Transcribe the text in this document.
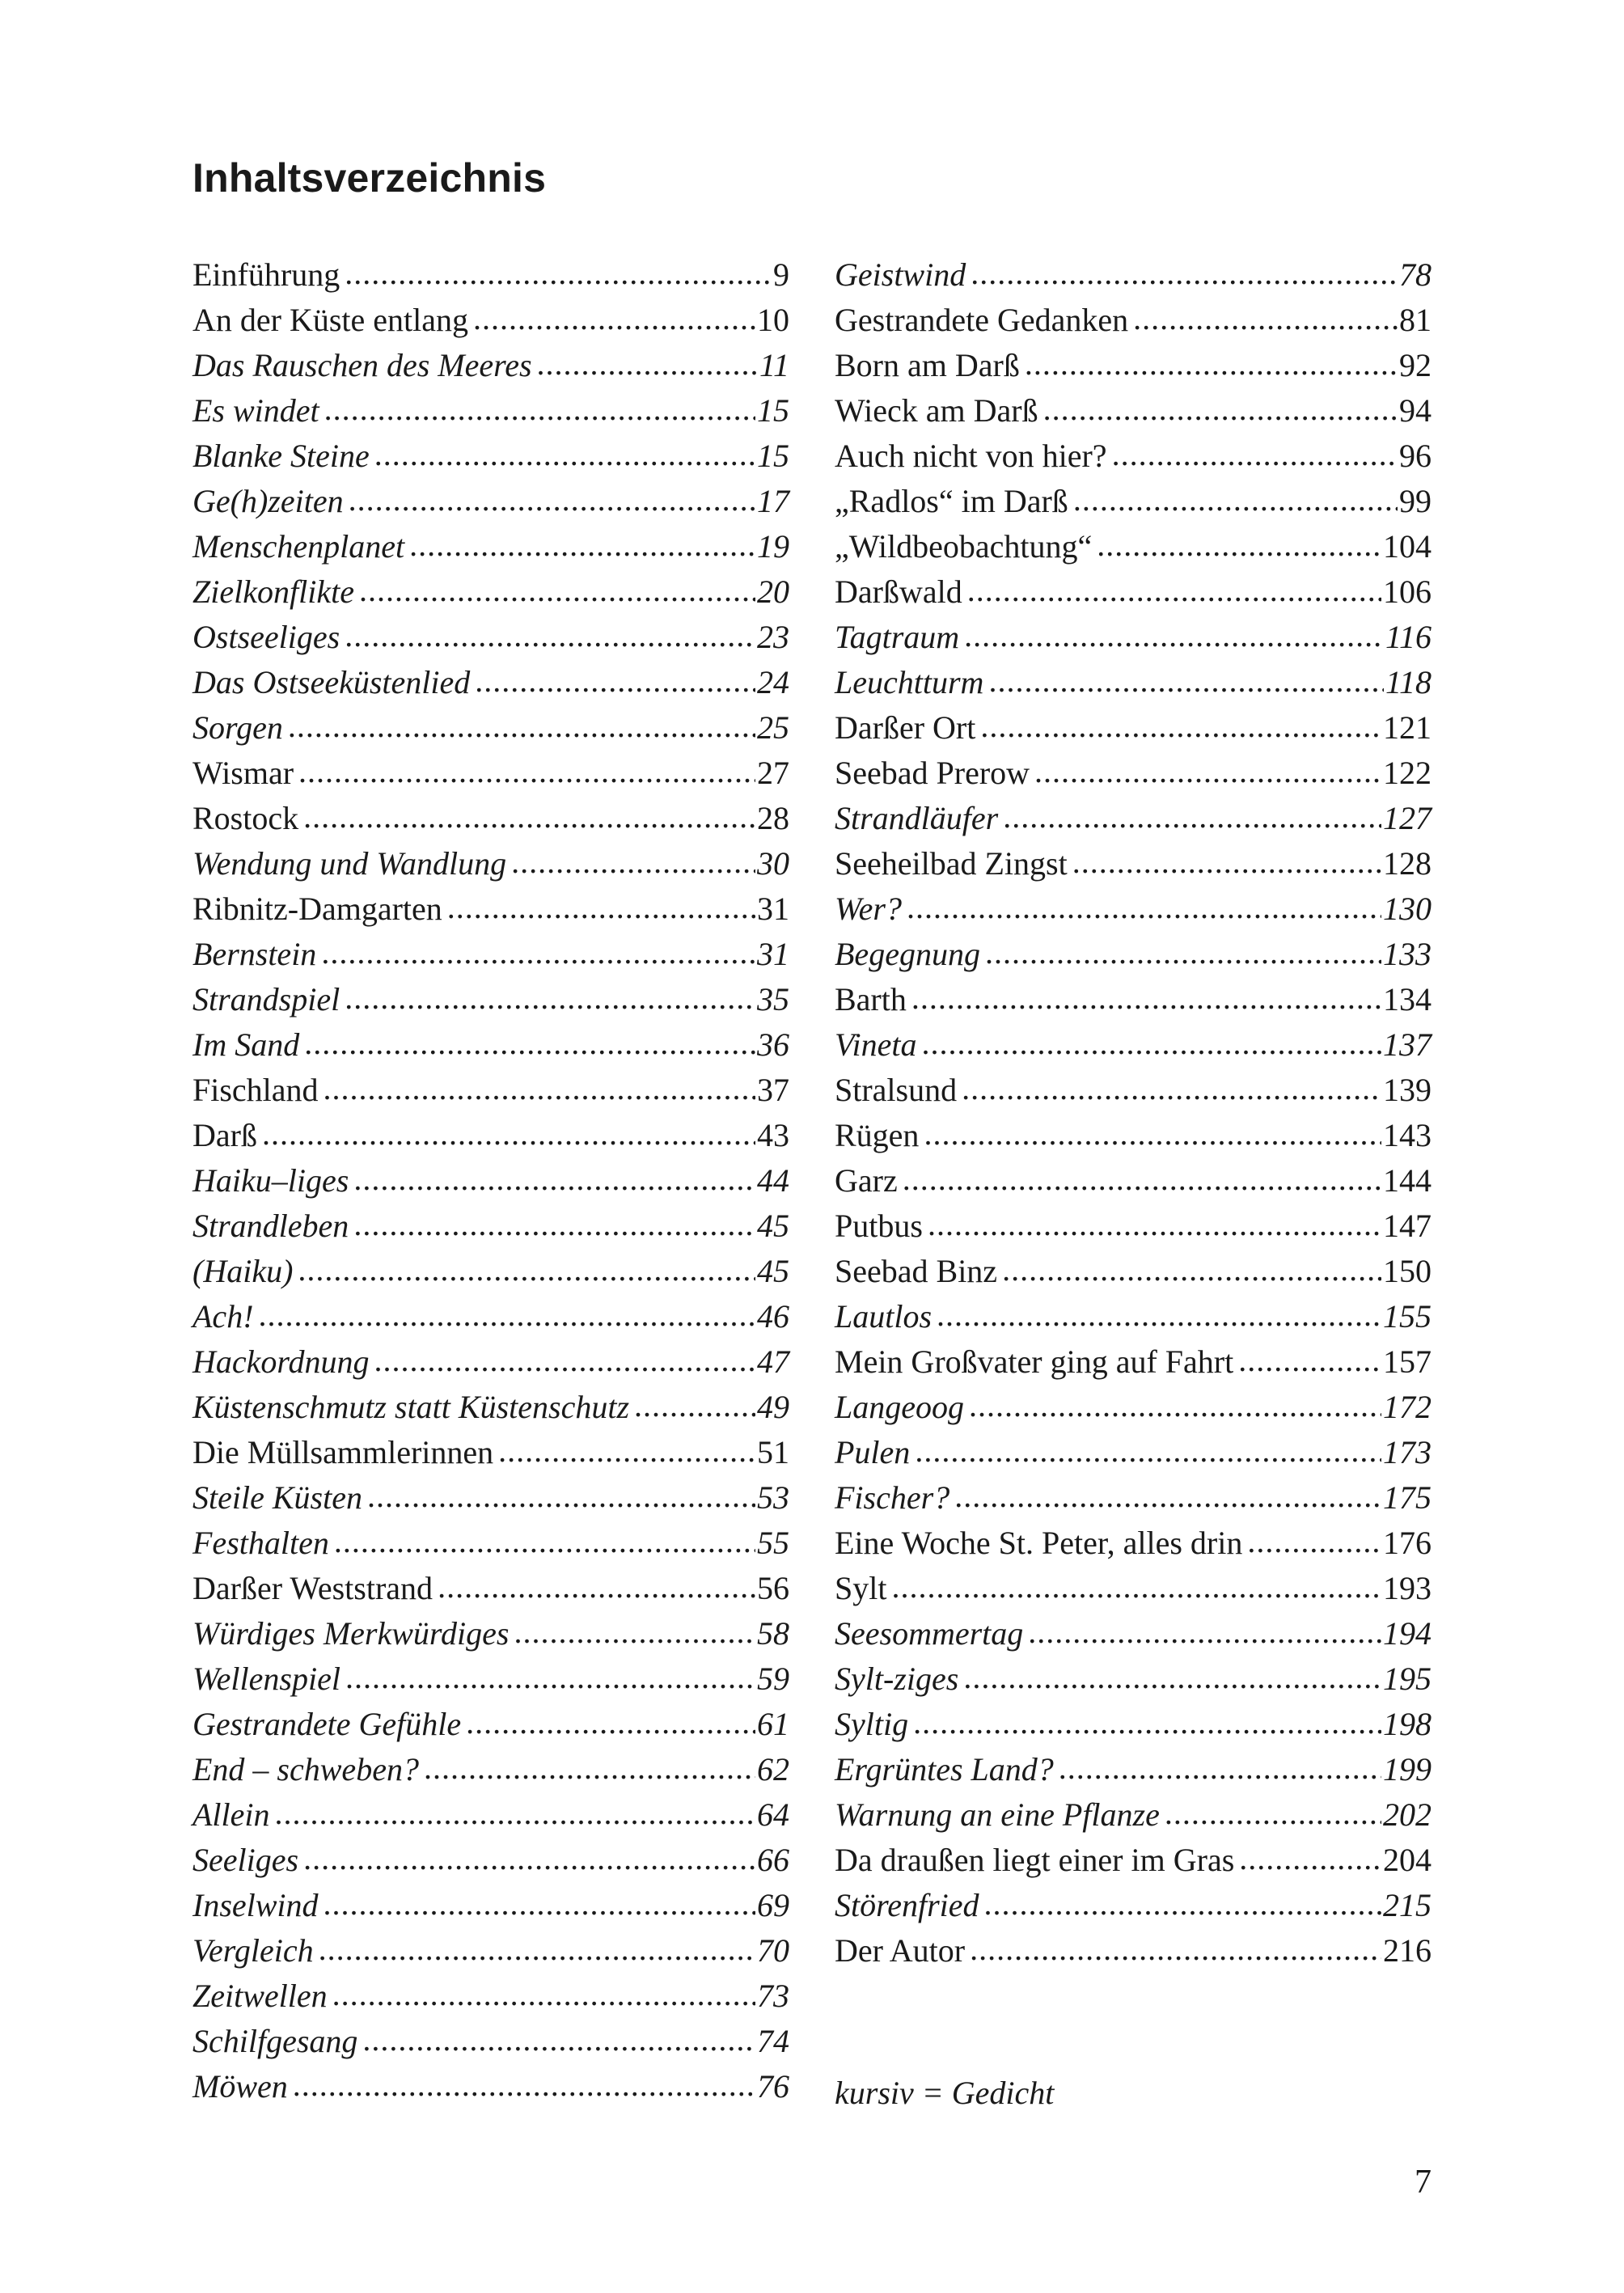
Inhaltsverzeichnis
Einführung .....	9
An der Küste entlang .....	10
Das Rauschen des Meeres .....	11
Es windet .....	15
Blanke Steine .....	15
Ge(h)zeiten .....	17
Menschenplanet .....	19
Zielkonflikte .....	20
Ostseeliges .....	23
Das Ostseeküstenlied .....	24
Sorgen .....	25
Wismar .....	27
Rostock .....	28
Wendung und Wandlung .....	30
Ribnitz-Damgarten .....	31
Bernstein .....	31
Strandspiel .....	35
Im Sand .....	36
Fischland .....	37
Darß .....	43
Haiku–liges .....	44
Strandleben .....	45
(Haiku) .....	45
Ach! .....	46
Hackordnung .....	47
Küstenschmutz statt Küstenschutz .....	49
Die Müllsammlerinnen .....	51
Steile Küsten .....	53
Festhalten .....	55
Darßer Weststrand .....	56
Würdiges Merkwürdiges .....	58
Wellenspiel .....	59
Gestrandete Gefühle .....	61
End – schweben? .....	62
Allein .....	64
Seeliges .....	66
Inselwind .....	69
Vergleich .....	70
Zeitwellen .....	73
Schilfgesang .....	74
Möwen .....	76
Geistwind .....	78
Gestrandete Gedanken .....	81
Born am Darß .....	92
Wieck am Darß .....	94
Auch nicht von hier? .....	96
„Radlos“ im Darß .....	99
„Wildbeobachtung“ .....	104
Darßwald .....	106
Tagtraum .....	116
Leuchtturm .....	118
Darßer Ort .....	121
Seebad Prerow .....	122
Strandläufer .....	127
Seeheilbad Zingst .....	128
Wer? .....	130
Begegnung .....	133
Barth .....	134
Vineta .....	137
Stralsund .....	139
Rügen .....	143
Garz .....	144
Putbus .....	147
Seebad Binz .....	150
Lautlos .....	155
Mein Großvater ging auf Fahrt .....	157
Langeoog .....	172
Pulen .....	173
Fischer? .....	175
Eine Woche St. Peter, alles drin .....	176
Sylt .....	193
Seesommertag .....	194
Sylt-ziges .....	195
Syltig .....	198
Ergrüntes Land? .....	199
Warnung an eine Pflanze .....	202
Da draußen liegt einer im Gras .....	204
Störenfried .....	215
Der Autor .....	216
kursiv = Gedicht
7
